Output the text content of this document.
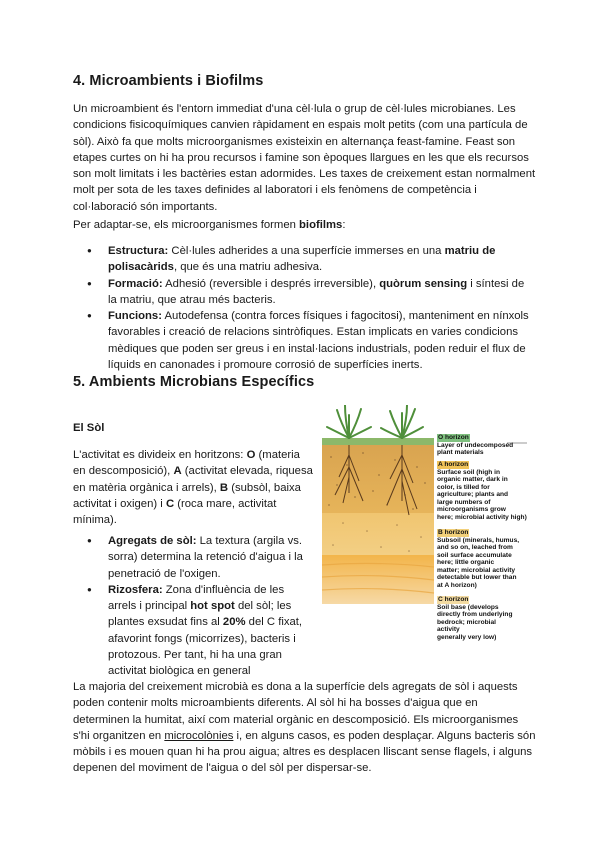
4. Microambients i Biofilms

Un microambient és l'entorn immediat d'una cèl·lula o grup de cèl·lules microbianes. Les
condicions fisicoquímiques canvien ràpidament en espais molt petits (com una partícula de
sòl). Això fa que molts microorganismes existeixin en alternança feast-famine. Feast son
etapes curtes on hi ha prou recursos i famine son èpoques llargues en les que els recursos
son molt limitats i les bactèries estan adormides. Les taxes de creixement estan normalment
molt per sota de les taxes definides al laboratori i els fenòmens de competència i
col·laboració són importants.

Per adaptar-se, els microorganismes formen biofilms:

● Estructura: Cèl·lules adherides a una superfície immerses en una matriu de
polisacàrids, que és una matriu adhesiva.
● Formació: Adhesió (reversible i després irreversible), quòrum sensing i síntesi de
la matriu, que atrau més bacteris.
● Funcions: Autodefensa (contra forces físiques i fagocitosi), manteniment en nínxols
favorables i creació de relacions sintròfiques. Estan implicats en varies condicions
mèdiques que poden ser greus i en instal·lacions industrials, poden reduir el flux de
líquids en canonades i promoure corrosió de superfícies inerts.
5. Ambients Microbians Específics
El Sòl

L'activitat es divideix en horitzons: O (materia
en descomposició), A (activitat elevada, riquesa
en matèria orgànica i arrels), B (subsòl, baixa
activitat i oxigen) i C (roca mare, activitat
mínima).

● Agregats de sòl: La textura (argila vs.
sorra) determina la retenció d'aigua i la
penetració de l'oxigen.
● Rizosfera: Zona d'influència de les
arrels i principal hot spot del sòl; les
plantes exsudat fins al 20% del C fixat,
afavorint fongs (micorrizes), bacteris i
protozous. Per tant, hi ha una gran
activitat biològica en general
O horizon
Layer of undecomposed
plant materials
A horizon
Surface soil (high in
organic matter, dark in
color, is tilled for
agriculture; plants and
large numbers of
microorganisms grow
here; microbial activity high)
B horizon
Subsoil (minerals, humus,
and so on, leached from
soil surface accumulate
here; little organic
matter; microbial activity
detectable but lower than
at A horizon)
C horizon
Soil base (develops
directly from underlying
bedrock; microbial
activity
generally very low)

La majoria del creixement microbià es dona a la superfície dels agregats de sòl i aquests
poden contenir molts microambients diferents. Al sòl hi ha bosses d'aigua que en
determinen la humitat, així com material orgànic en descomposició. Els microorganismes
s'hi organitzen en microcolònies i, en alguns casos, es poden desplaçar. Alguns bacteris són
mòbils i es mouen quan hi ha prou aigua; altres es desplacen lliscant sense flagels, i alguns
depenen del moviment de l'aigua o del sòl per dispersar-se.
